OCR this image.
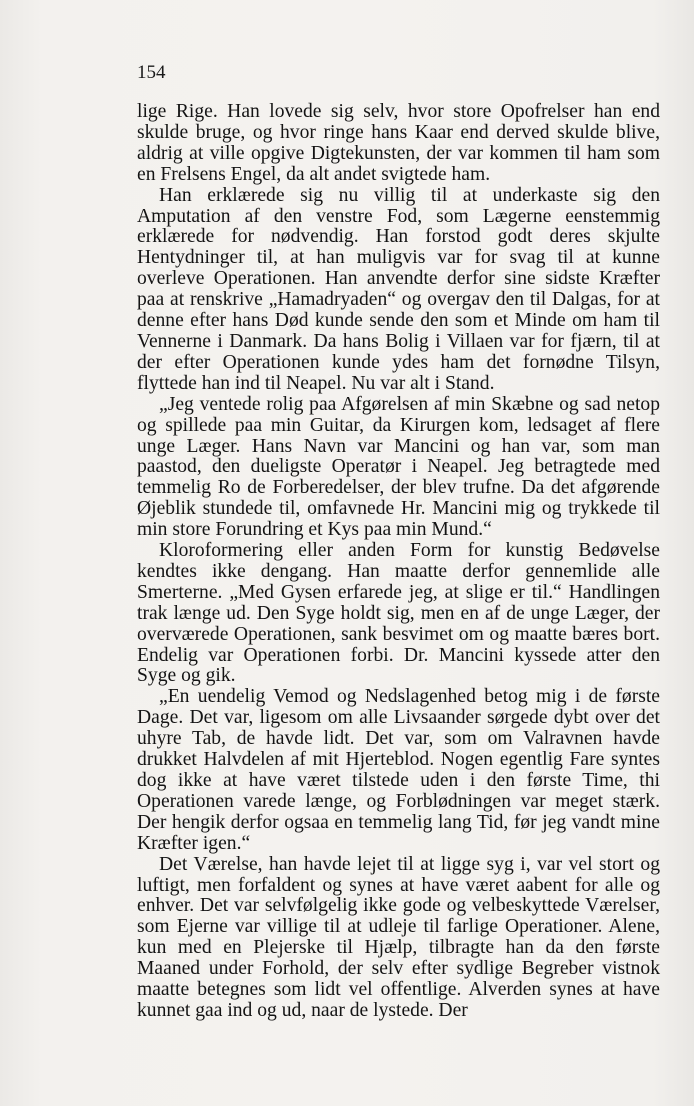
154

lige Rige. Han lovede sig selv, hvor store Opofrelser han end skulde bruge, og hvor ringe hans Kaar end derved skulde blive, aldrig at ville opgive Digtekunsten, der var kommen til ham som en Frelsens Engel, da alt andet svigtede ham.

Han erklærede sig nu villig til at underkaste sig den Amputation af den venstre Fod, som Lægerne eenstemmig erklærede for nødvendig. Han forstod godt deres skjulte Hentydninger til, at han muligvis var for svag til at kunne overleve Operationen. Han anvendte derfor sine sidste Kræfter paa at renskrive „Hamadryaden“ og overgav den til Dalgas, for at denne efter hans Død kunde sende den som et Minde om ham til Vennerne i Danmark. Da hans Bolig i Villaen var for fjærn, til at der efter Operationen kunde ydes ham det fornødne Tilsyn, flyttede han ind til Neapel. Nu var alt i Stand.

„Jeg ventede rolig paa Afgørelsen af min Skæbne og sad netop og spillede paa min Guitar, da Kirurgen kom, ledsaget af flere unge Læger. Hans Navn var Mancini og han var, som man paastod, den dueligste Operatør i Neapel. Jeg betragtede med temmelig Ro de Forberedelser, der blev trufne. Da det afgørende Øjeblik stundede til, omfavnede Hr. Mancini mig og trykkede til min store Forundring et Kys paa min Mund.“

Kloroformering eller anden Form for kunstig Bedøvelse kendtes ikke dengang. Han maatte derfor gennemlide alle Smerterne. „Med Gysen erfarede jeg, at slige er til.“ Handlingen trak længe ud. Den Syge holdt sig, men en af de unge Læger, der overværede Operationen, sank besvimet om og maatte bæres bort. Endelig var Operationen forbi. Dr. Mancini kyssede atter den Syge og gik.

„En uendelig Vemod og Nedslagenhed betog mig i de første Dage. Det var, ligesom om alle Livsaander sørgede dybt over det uhyre Tab, de havde lidt. Det var, som om Valravnen havde drukket Halvdelen af mit Hjerteblod. Nogen egentlig Fare syntes dog ikke at have været tilstede uden i den første Time, thi Operationen varede længe, og Forblødningen var meget stærk. Der hengik derfor ogsaa en temmelig lang Tid, før jeg vandt mine Kræfter igen.“

Det Værelse, han havde lejet til at ligge syg i, var vel stort og luftigt, men forfaldent og synes at have været aabent for alle og enhver. Det var selvfølgelig ikke gode og velbeskyttede Værelser, som Ejerne var villige til at udleje til farlige Operationer. Alene, kun med en Plejerske til Hjælp, tilbragte han da den første Maaned under Forhold, der selv efter sydlige Begreber vistnok maatte betegnes som lidt vel offentlige. Alverden synes at have kunnet gaa ind og ud, naar de lystede. Der
